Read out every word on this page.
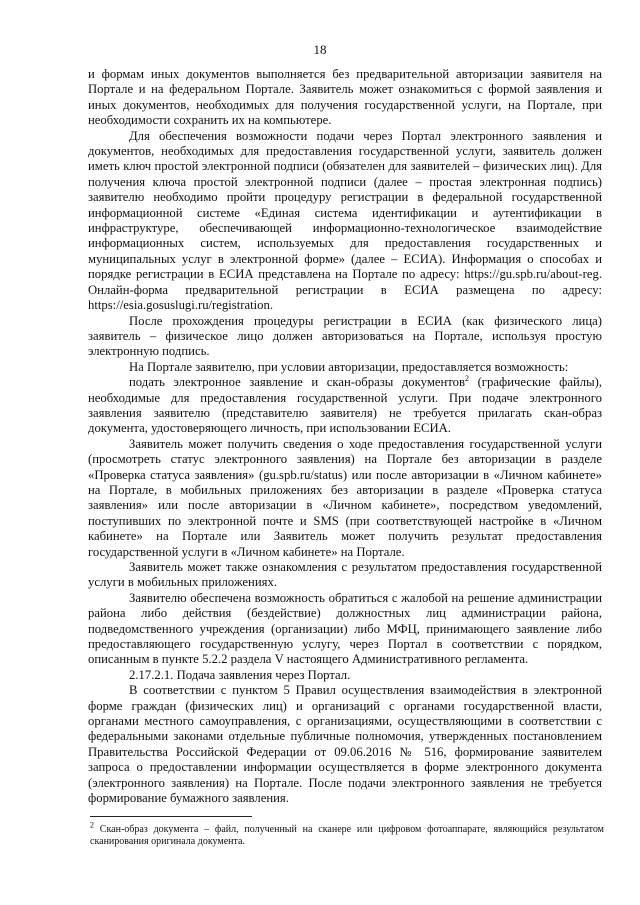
18

и формам иных документов выполняется без предварительной авторизации заявителя на Портале и на федеральном Портале. Заявитель может ознакомиться с формой заявления и иных документов, необходимых для получения государственной услуги, на Портале, при необходимости сохранить их на компьютере.

Для обеспечения возможности подачи через Портал электронного заявления и документов, необходимых для предоставления государственной услуги, заявитель должен иметь ключ простой электронной подписи (обязателен для заявителей – физических лиц). Для получения ключа простой электронной подписи (далее – простая электронная подпись) заявителю необходимо пройти процедуру регистрации в федеральной государственной информационной системе «Единая система идентификации и аутентификации в инфраструктуре, обеспечивающей информационно-технологическое взаимодействие информационных систем, используемых для предоставления государственных и муниципальных услуг в электронной форме» (далее – ЕСИА). Информация о способах и порядке регистрации в ЕСИА представлена на Портале по адресу: https://gu.spb.ru/about-reg. Онлайн-форма предварительной регистрации в ЕСИА размещена по адресу: https://esia.gosuslugi.ru/registration.

После прохождения процедуры регистрации в ЕСИА (как физического лица) заявитель – физическое лицо должен авторизоваться на Портале, используя простую электронную подпись.

На Портале заявителю, при условии авторизации, предоставляется возможность:

подать электронное заявление и скан-образы документов$^2$ (графические файлы), необходимые для предоставления государственной услуги. При подаче электронного заявления заявителю (представителю заявителя) не требуется прилагать скан-образ документа, удостоверяющего личность, при использовании ЕСИА.

Заявитель может получить сведения о ходе предоставления государственной услуги (просмотреть статус электронного заявления) на Портале без авторизации в разделе «Проверка статуса заявления» (gu.spb.ru/status) или после авторизации в «Личном кабинете» на Портале, в мобильных приложениях без авторизации в разделе «Проверка статуса заявления» или после авторизации в «Личном кабинете», посредством уведомлений, поступивших по электронной почте и SMS (при соответствующей настройке в «Личном кабинете» на Портале или Заявитель может получить результат предоставления государственной услуги в «Личном кабинете» на Портале.

Заявитель может также ознакомления с результатом предоставления государственной услуги в мобильных приложениях.

Заявителю обеспечена возможность обратиться с жалобой на решение администрации района либо действия (бездействие) должностных лиц администрации района, подведомственного учреждения (организации) либо МФЦ, принимающего заявление либо предоставляющего государственную услугу, через Портал в соответствии с порядком, описанным в пункте 5.2.2 раздела V настоящего Административного регламента.

2.17.2.1. Подача заявления через Портал.

В соответствии с пунктом 5 Правил осуществления взаимодействия в электронной форме граждан (физических лиц) и организаций с органами государственной власти, органами местного самоуправления, с организациями, осуществляющими в соответствии с федеральными законами отдельные публичные полномочия, утвержденных постановлением Правительства Российской Федерации от 09.06.2016 № 516, формирование заявителем запроса о предоставлении информации осуществляется в форме электронного документа (электронного заявления) на Портале. После подачи электронного заявления не требуется формирование бумажного заявления.

$^2$ Скан-образ документа – файл, полученный на сканере или цифровом фотоаппарате, являющийся результатом сканирования оригинала документа.
